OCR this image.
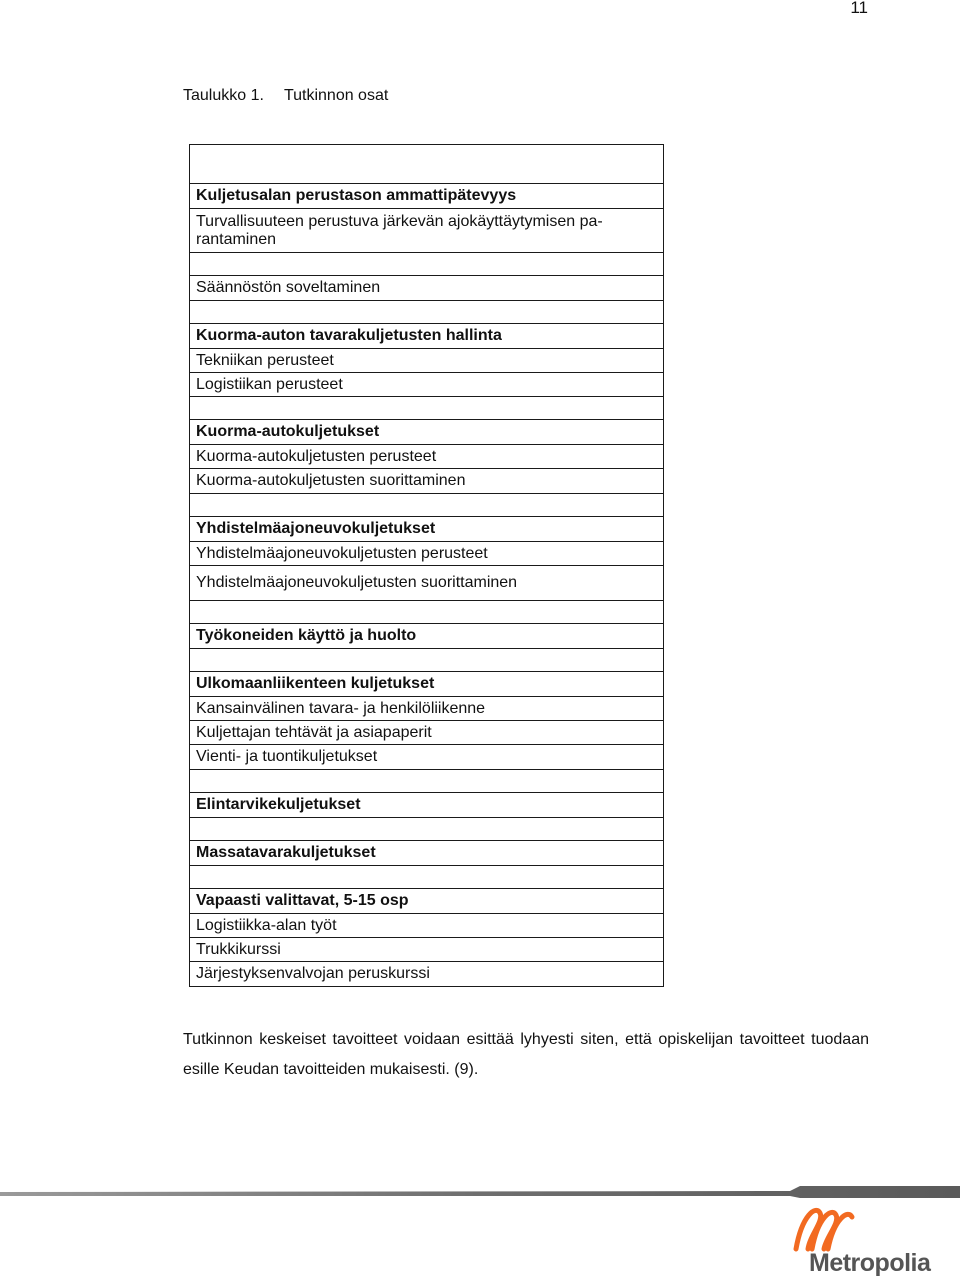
11
Taulukko 1. Tutkinnon osat

Kuljetusalan perustason ammattipätevyys
Turvallisuuteen perustuva järkevän ajokäyttäytymisen pa-
rantaminen

Säännöstön soveltaminen

Kuorma-auton tavarakuljetusten hallinta
Tekniikan perusteet
Logistiikan perusteet

Kuorma-autokuljetukset
Kuorma-autokuljetusten perusteet
Kuorma-autokuljetusten suorittaminen

Yhdistelmäajoneuvokuljetukset
Yhdistelmäajoneuvokuljetusten perusteet
Yhdistelmäajoneuvokuljetusten suorittaminen

Työkoneiden käyttö ja huolto

Ulkomaanliikenteen kuljetukset
Kansainvälinen tavara- ja henkilöliikenne
Kuljettajan tehtävät ja asiapaperit
Vienti- ja tuontikuljetukset

Elintarvikekuljetukset

Massatavarakuljetukset

Vapaasti valittavat, 5-15 osp
Logistiikka-alan työt
Trukkikurssi
Järjestyksenvalvojan peruskurssi
Tutkinnon keskeiset tavoitteet voidaan esittää lyhyesti siten, että opiskelijan tavoitteet tuodaan esille Keudan tavoitteiden mukaisesti. (9).
Metropolia
